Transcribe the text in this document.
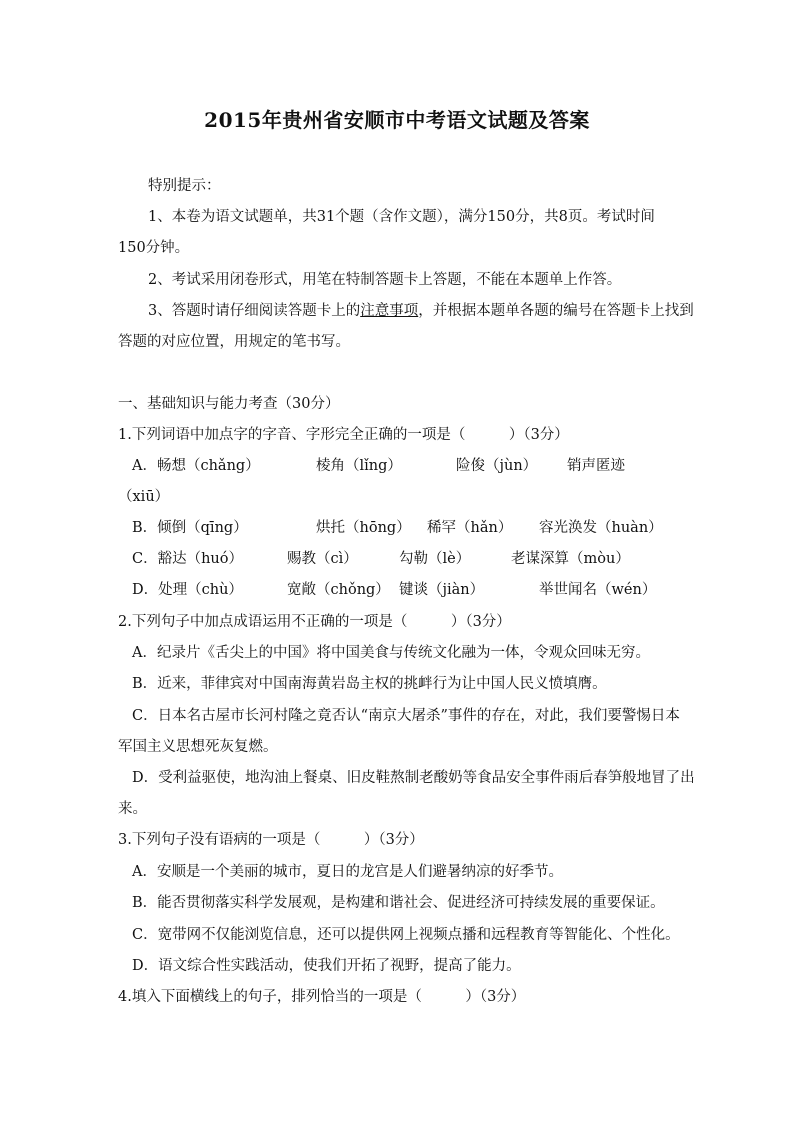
2015年贵州省安顺市中考语文试题及答案
特别提示：
1、本卷为语文试题单，共31个题（含作文题），满分150分，共8页。考试时间
150分钟。
2、考试采用闭卷形式，用笔在特制答题卡上答题，不能在本题单上作答。
3、答题时请仔细阅读答题卡上的注意事项，并根据本题单各题的编号在答题卡上找到
答题的对应位置，用规定的笔书写。
一、基础知识与能力考查（30分）
1.下列词语中加点字的字音、字形完全正确的一项是（　　　）（3分）
A．畅想（chǎng）	棱角（lǐng）	险俊（jùn） 销声匿迹
（xiū）
B．倾倒（qīng）	烘托（hōng） 稀罕（hǎn） 容光涣发（huàn）
C．豁达（huó）	赐教（cì）	勾勒（lè）	老谋深算（mòu）
D．处理（chù）	宽敞（chǒng） 键谈（jiàn）	举世闻名（wén）
2.下列句子中加点成语运用不正确的一项是（　　　）（3分）
A．纪录片《舌尖上的中国》将中国美食与传统文化融为一体，令观众回味无穷。
B．近来，菲律宾对中国南海黄岩岛主权的挑衅行为让中国人民义愤填膺。
C．日本名古屋市长河村隆之竟否认“南京大屠杀”事件的存在，对此，我们要警惕日本
军国主义思想死灰复燃。
D．受利益驱使，地沟油上餐桌、旧皮鞋熬制老酸奶等食品安全事件雨后春笋般地冒了出
来。
3.下列句子没有语病的一项是（　　　）（3分）
A．安顺是一个美丽的城市，夏日的龙宫是人们避暑纳凉的好季节。
B．能否贯彻落实科学发展观，是构建和谐社会、促进经济可持续发展的重要保证。
C．宽带网不仅能浏览信息，还可以提供网上视频点播和远程教育等智能化、个性化。
D．语文综合性实践活动，使我们开拓了视野，提高了能力。
4.填入下面横线上的句子，排列恰当的一项是（　　　）（3分）
